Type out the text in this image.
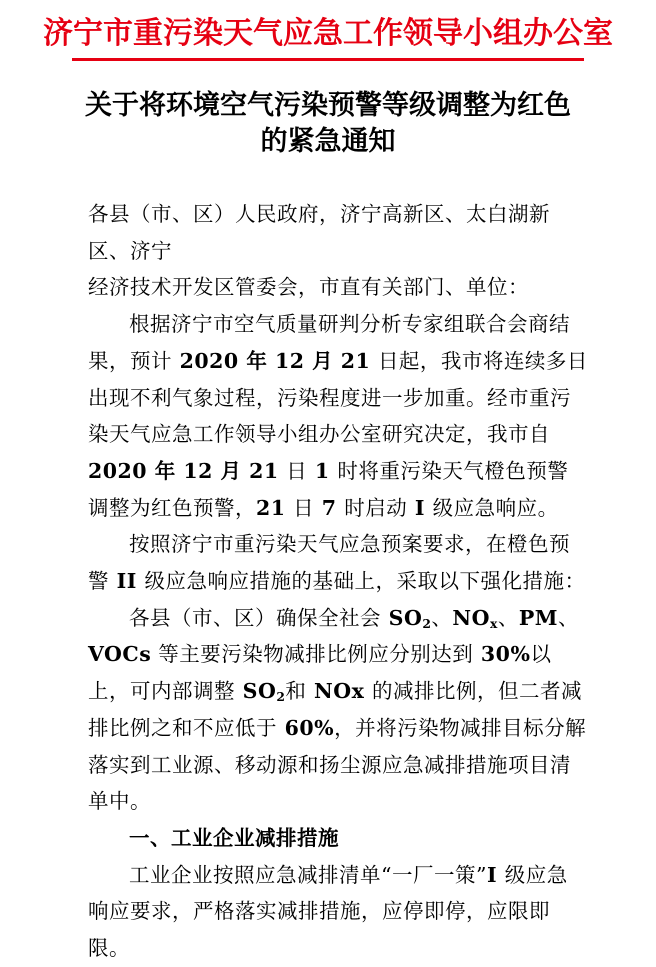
济宁市重污染天气应急工作领导小组办公室
关于将环境空气污染预警等级调整为红色
的紧急通知

各县（市、区）人民政府，济宁高新区、太白湖新区、济宁

经济技术开发区管委会，市直有关部门、单位：

根据济宁市空气质量研判分析专家组联合会商结果，预计 2020 年 12 月 21 日起，我市将连续多日出现不利气象过程，污染程度进一步加重。经市重污染天气应急工作领导小组办公室研究决定，我市自 2020 年 12 月 21 日 1 时将重污染天气橙色预警调整为红色预警，21 日 7 时启动 I 级应急响应。

按照济宁市重污染天气应急预案要求，在橙色预警 II 级应急响应措施的基础上，采取以下强化措施：

各县（市、区）确保全社会 $SO_2$、$NO_x$、PM、VOCs 等主要污染物减排比例应分别达到 30%以上，可内部调整 $SO_2$和 NOx 的减排比例，但二者减排比例之和不应低于 60%，并将污染物减排目标分解落实到工业源、移动源和扬尘源应急减排措施项目清单中。

一、工业企业减排措施

工业企业按照应急减排清单“一厂一策”I 级应急响应要求，严格落实减排措施，应停即停，应限即限。
